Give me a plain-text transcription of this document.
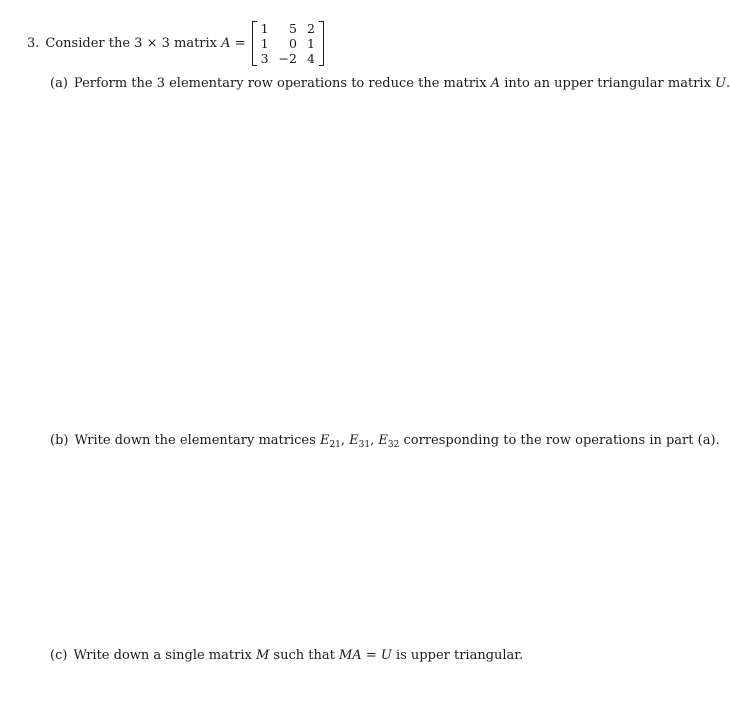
3. Consider the 3 × 3 matrix
A
=
1	5	2
1	0	1
3	−2	4
(a) Perform the 3 elementary row operations to reduce the matrix A into an upper triangular matrix U.
(b) Write down the elementary matrices $E_{21}$, $E_{31}$, $E_{32}$ corresponding to the row operations in part (a).
(c) Write down a single matrix M such that MA = U is upper triangular.
